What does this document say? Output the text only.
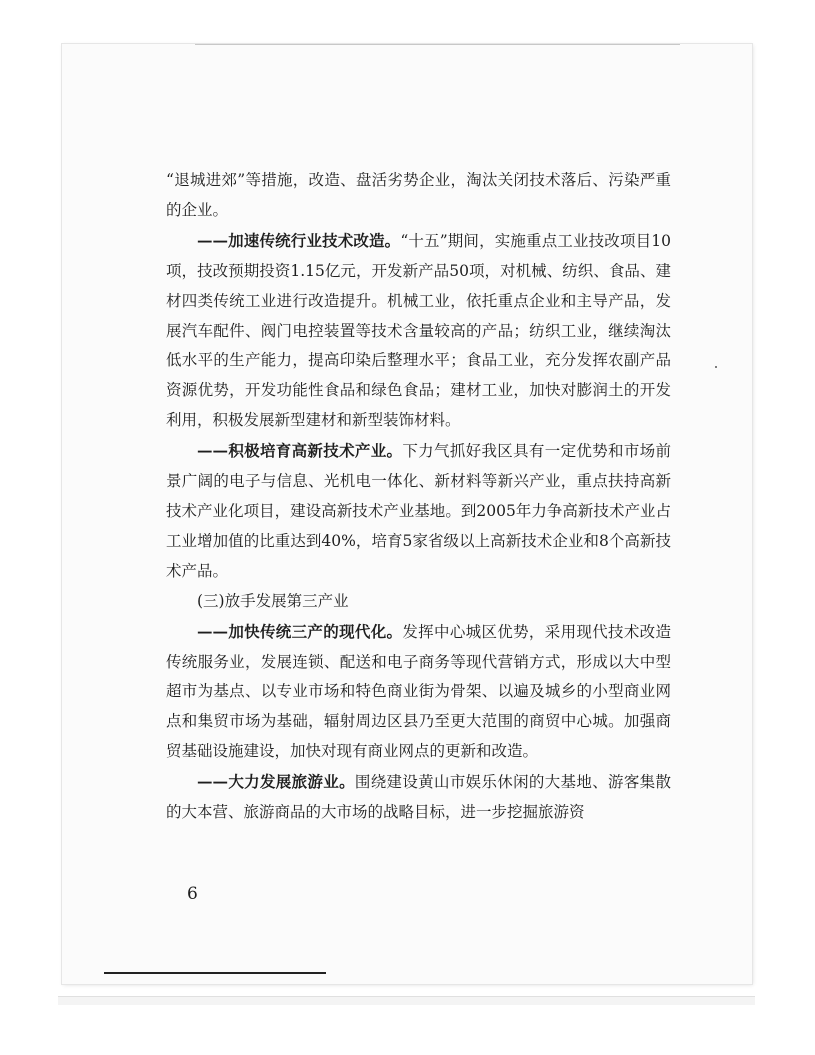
“退城进郊”等措施，改造、盘活劣势企业，淘汰关闭技术落后、污染严重的企业。

——加速传统行业技术改造。“十五”期间，实施重点工业技改项目10项，技改预期投资1.15亿元，开发新产品50项，对机械、纺织、食品、建材四类传统工业进行改造提升。机械工业，依托重点企业和主导产品，发展汽车配件、阀门电控装置等技术含量较高的产品；纺织工业，继续淘汰低水平的生产能力，提高印染后整理水平；食品工业，充分发挥农副产品资源优势，开发功能性食品和绿色食品；建材工业，加快对膨润土的开发利用，积极发展新型建材和新型装饰材料。

——积极培育高新技术产业。下力气抓好我区具有一定优势和市场前景广阔的电子与信息、光机电一体化、新材料等新兴产业，重点扶持高新技术产业化项目，建设高新技术产业基地。到2005年力争高新技术产业占工业增加值的比重达到40%，培育5家省级以上高新技术企业和8个高新技术产品。

(三)放手发展第三产业

——加快传统三产的现代化。发挥中心城区优势，采用现代技术改造传统服务业，发展连锁、配送和电子商务等现代营销方式，形成以大中型超市为基点、以专业市场和特色商业街为骨架、以遍及城乡的小型商业网点和集贸市场为基础，辐射周边区县乃至更大范围的商贸中心城。加强商贸基础设施建设，加快对现有商业网点的更新和改造。

——大力发展旅游业。围绕建设黄山市娱乐休闲的大基地、游客集散的大本营、旅游商品的大市场的战略目标，进一步挖掘旅游资

6
